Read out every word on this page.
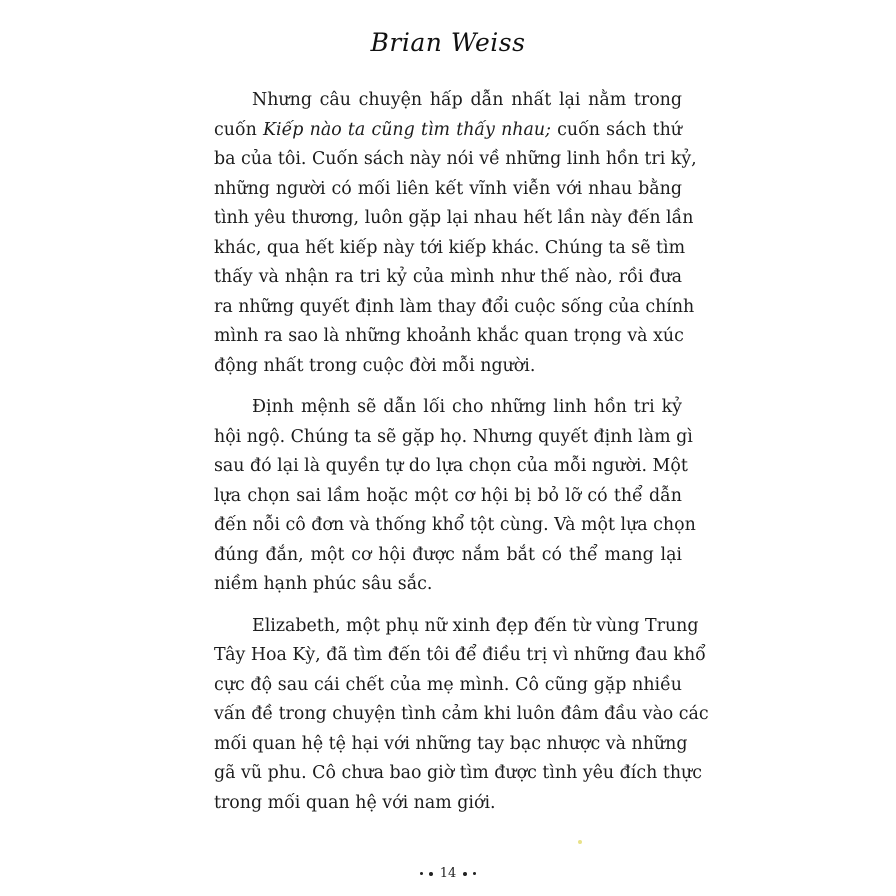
Brian Weiss
Nhưng câu chuyện hấp dẫn nhất lại nằm trong
cuốn Kiếp nào ta cũng tìm thấy nhau; cuốn sách thứ
ba của tôi. Cuốn sách này nói về những linh hồn tri kỷ,
những người có mối liên kết vĩnh viễn với nhau bằng
tình yêu thương, luôn gặp lại nhau hết lần này đến lần
khác, qua hết kiếp này tới kiếp khác. Chúng ta sẽ tìm
thấy và nhận ra tri kỷ của mình như thế nào, rồi đưa
ra những quyết định làm thay đổi cuộc sống của chính
mình ra sao là những khoảnh khắc quan trọng và xúc
động nhất trong cuộc đời mỗi người.
Định mệnh sẽ dẫn lối cho những linh hồn tri kỷ
hội ngộ. Chúng ta sẽ gặp họ. Nhưng quyết định làm gì
sau đó lại là quyền tự do lựa chọn của mỗi người. Một
lựa chọn sai lầm hoặc một cơ hội bị bỏ lỡ có thể dẫn
đến nỗi cô đơn và thống khổ tột cùng. Và một lựa chọn
đúng đắn, một cơ hội được nắm bắt có thể mang lại
niềm hạnh phúc sâu sắc.
Elizabeth, một phụ nữ xinh đẹp đến từ vùng Trung
Tây Hoa Kỳ, đã tìm đến tôi để điều trị vì những đau khổ
cực độ sau cái chết của mẹ mình. Cô cũng gặp nhiều
vấn đề trong chuyện tình cảm khi luôn đâm đầu vào các
mối quan hệ tệ hại với những tay bạc nhược và những
gã vũ phu. Cô chưa bao giờ tìm được tình yêu đích thực
trong mối quan hệ với nam giới.
14
